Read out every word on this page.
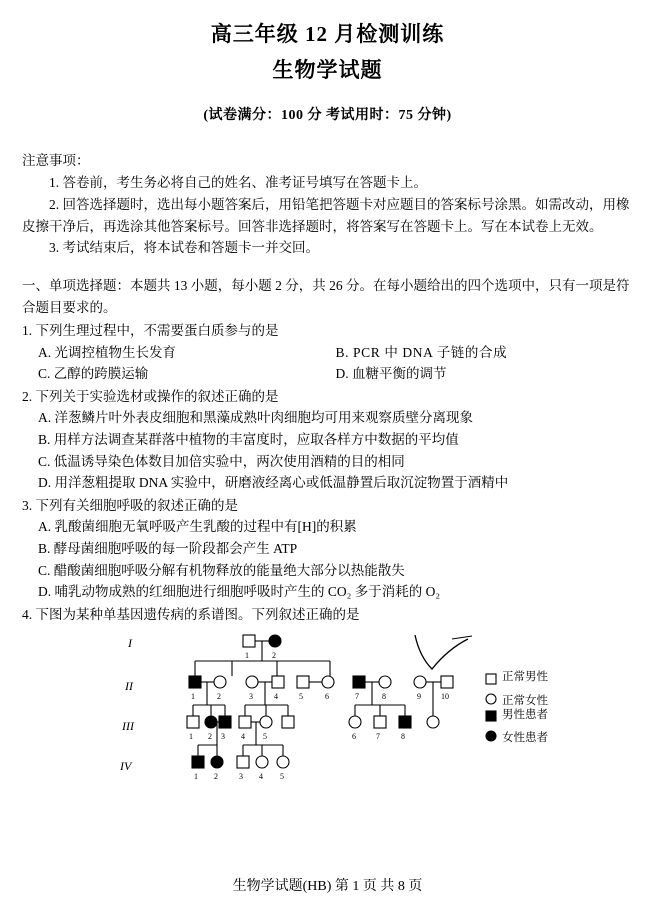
高三年级 12 月检测训练
生物学试题
(试卷满分：100 分 考试用时：75 分钟)
注意事项：
1. 答卷前，考生务必将自己的姓名、准考证号填写在答题卡上。
2. 回答选择题时，选出每小题答案后，用铅笔把答题卡对应题目的答案标号涂黑。如需改动，用橡皮擦干净后，再选涂其他答案标号。回答非选择题时，将答案写在答题卡上。写在本试卷上无效。
3. 考试结束后，将本试卷和答题卡一并交回。
一、单项选择题：本题共 13 小题，每小题 2 分，共 26 分。在每小题给出的四个选项中，只有一项是符合题目要求的。
1. 下列生理过程中，不需要蛋白质参与的是
A. 光调控植物生长发育	B. PCR 中 DNA 子链的合成
C. 乙醇的跨膜运输	D. 血糖平衡的调节
2. 下列关于实验选材或操作的叙述正确的是
A. 洋葱鳞片叶外表皮细胞和黑藻成熟叶肉细胞均可用来观察质壁分离现象
B. 用样方法调查某群落中植物的丰富度时，应取各样方中数据的平均值
C. 低温诱导染色体数目加倍实验中，两次使用酒精的目的相同
D. 用洋葱粗提取 DNA 实验中，研磨液经离心或低温静置后取沉淀物置于酒精中
3. 下列有关细胞呼吸的叙述正确的是
A. 乳酸菌细胞无氧呼吸产生乳酸的过程中有[H]的积累
B. 酵母菌细胞呼吸的每一阶段都会产生 ATP
C. 醋酸菌细胞呼吸分解有机物释放的能量绝大部分以热能散失
D. 哺乳动物成熟的红细胞进行细胞呼吸时产生的 CO₂ 多于消耗的 O₂
4. 下图为某种单基因遗传病的系谱图。下列叙述正确的是
I
II
III
IV
1	2
1	2	3	4	5	6	7	8	9	10
1 2 3 4 5	6	7	8
1 2	3 4 5
正常男性
正常女性
男性患者
女性患者
生物学试题(HB) 第 1 页 共 8 页
